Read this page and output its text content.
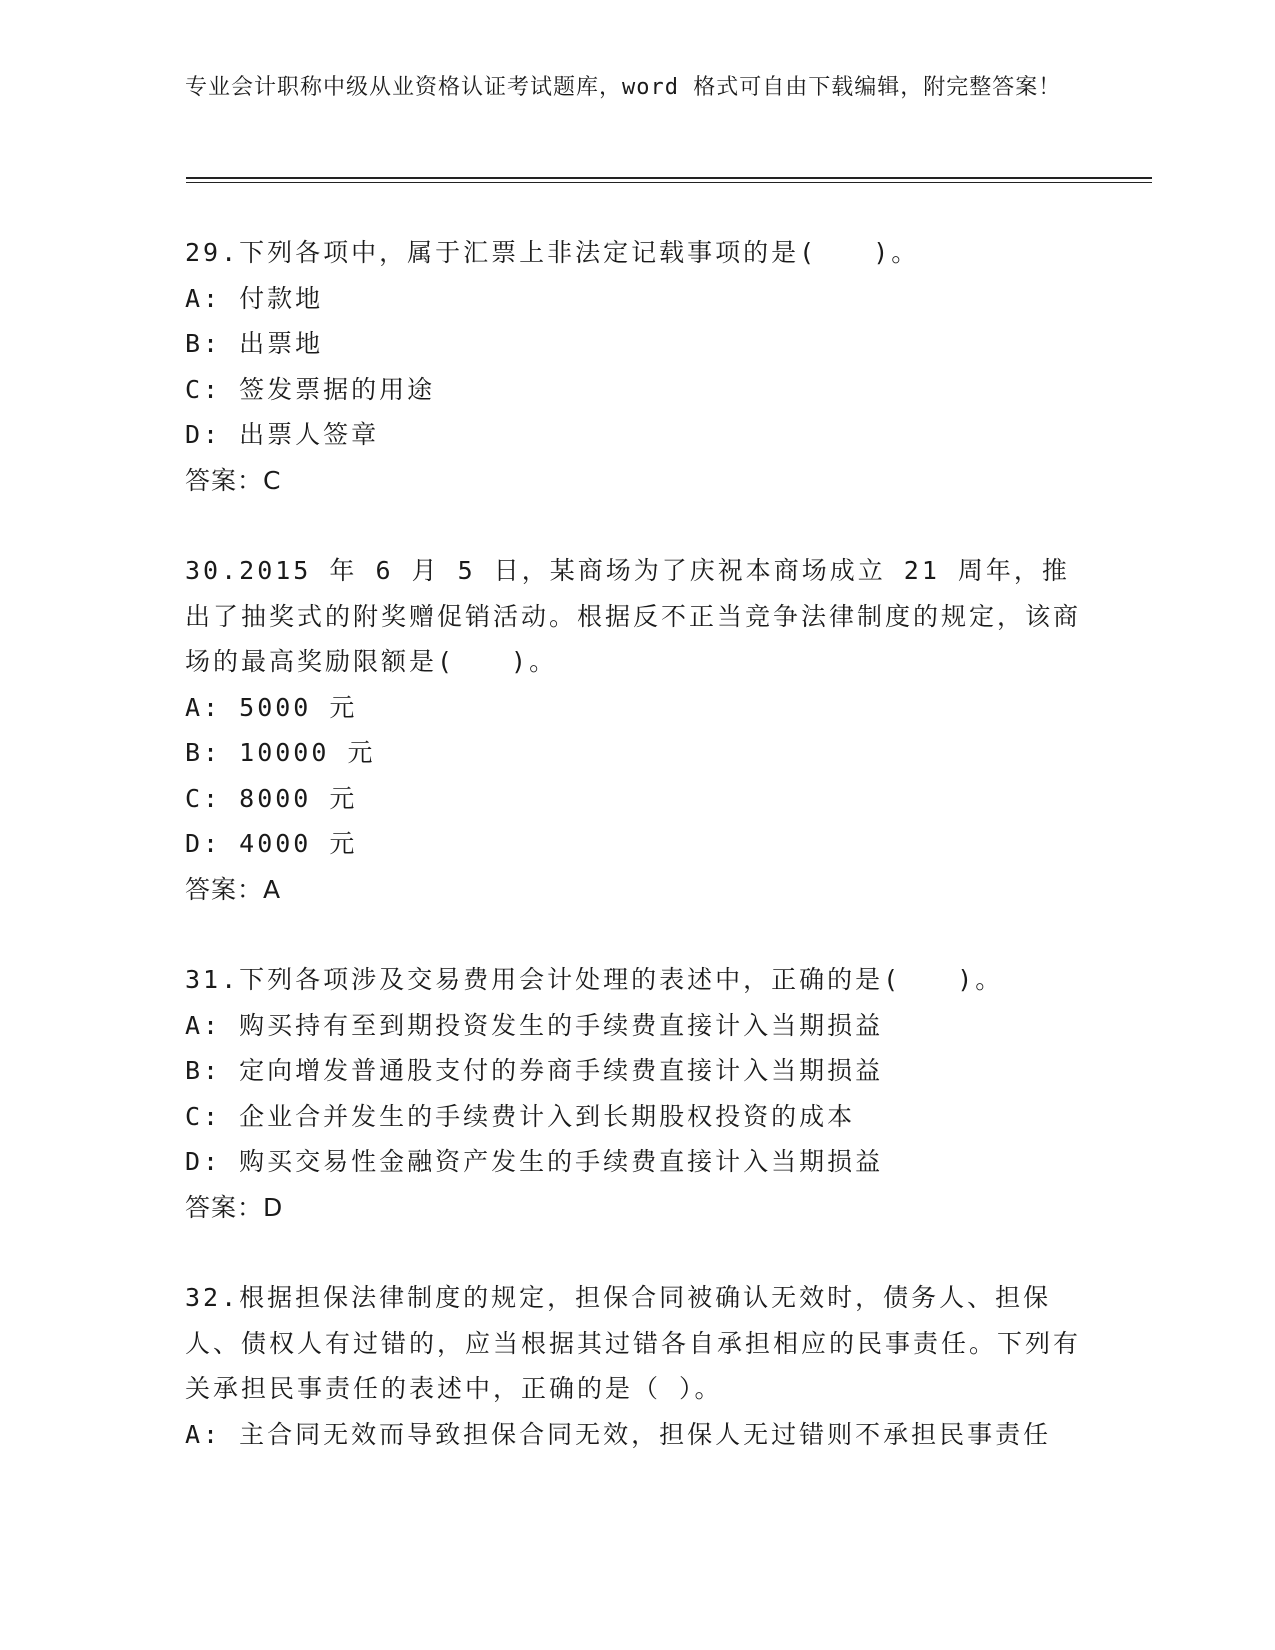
专业会计职称中级从业资格认证考试题库，word 格式可自由下载编辑，附完整答案！

29.下列各项中，属于汇票上非法定记载事项的是(　　)。

A: 付款地

B: 出票地

C: 签发票据的用途

D: 出票人签章

答案：C

30.2015 年 6 月 5 日，某商场为了庆祝本商场成立 21 周年，推出了抽奖式的附奖赠促销活动。根据反不正当竞争法律制度的规定，该商场的最高奖励限额是(　　)。

A: 5000 元

B: 10000 元

C: 8000 元

D: 4000 元

答案：A

31.下列各项涉及交易费用会计处理的表述中，正确的是(　　)。

A: 购买持有至到期投资发生的手续费直接计入当期损益

B: 定向增发普通股支付的券商手续费直接计入当期损益

C: 企业合并发生的手续费计入到长期股权投资的成本

D: 购买交易性金融资产发生的手续费直接计入当期损益

答案：D

32.根据担保法律制度的规定，担保合同被确认无效时，债务人、担保人、债权人有过错的，应当根据其过错各自承担相应的民事责任。下列有关承担民事责任的表述中，正确的是（ ）。

A: 主合同无效而导致担保合同无效，担保人无过错则不承担民事责任
